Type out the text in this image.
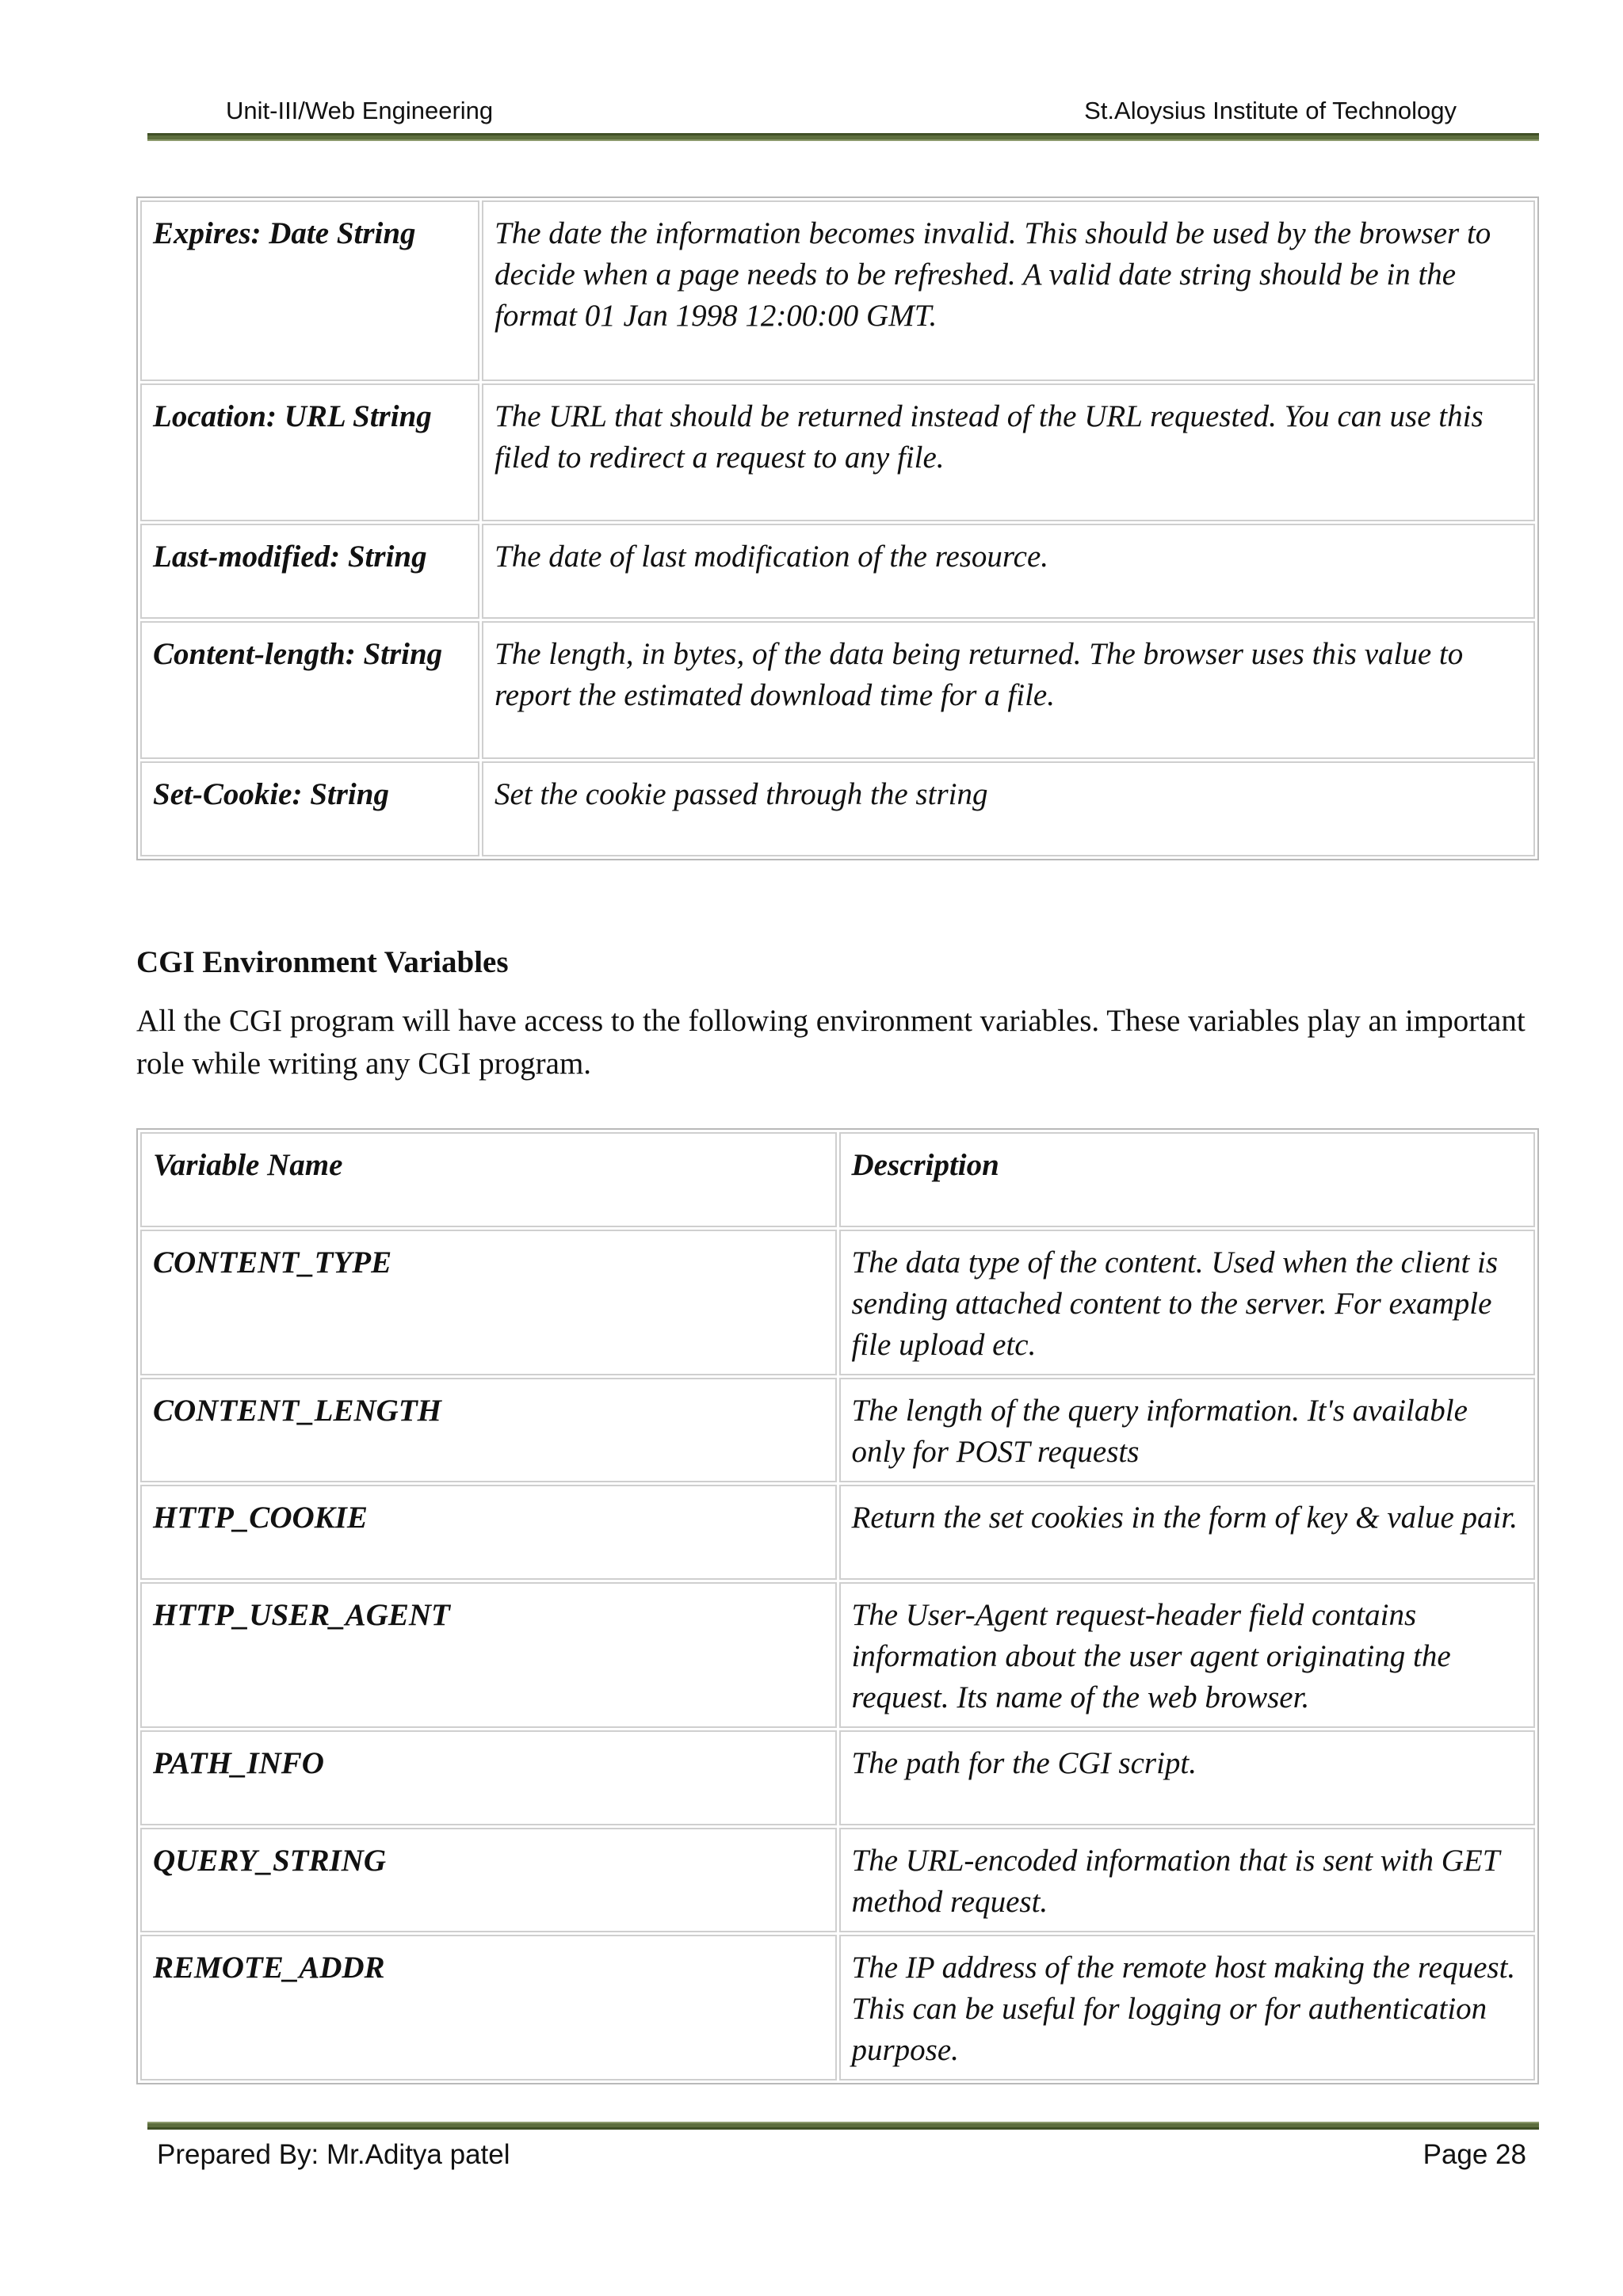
Unit-III/Web Engineering	St.Aloysius Institute of Technology
Expires: Date String	The date the information becomes invalid. This should be used by the browser to decide when a page needs to be refreshed. A valid date string should be in the format 01 Jan 1998 12:00:00 GMT.
Location: URL String	The URL that should be returned instead of the URL requested. You can use this filed to redirect a request to any file.
Last-modified: String	The date of last modification of the resource.
Content-length: String	The length, in bytes, of the data being returned. The browser uses this value to report the estimated download time for a file.
Set-Cookie: String	Set the cookie passed through the string
CGI Environment Variables
All the CGI program will have access to the following environment variables. These variables play an important role while writing any CGI program.
Variable Name	Description
CONTENT_TYPE	The data type of the content. Used when the client is sending attached content to the server. For example file upload etc.
CONTENT_LENGTH	The length of the query information. It's available only for POST requests
HTTP_COOKIE	Return the set cookies in the form of key & value pair.
HTTP_USER_AGENT	The User-Agent request-header field contains information about the user agent originating the request. Its name of the web browser.
PATH_INFO	The path for the CGI script.
QUERY_STRING	The URL-encoded information that is sent with GET method request.
REMOTE_ADDR	The IP address of the remote host making the request. This can be useful for logging or for authentication purpose.
Prepared By: Mr.Aditya patel	Page 28
